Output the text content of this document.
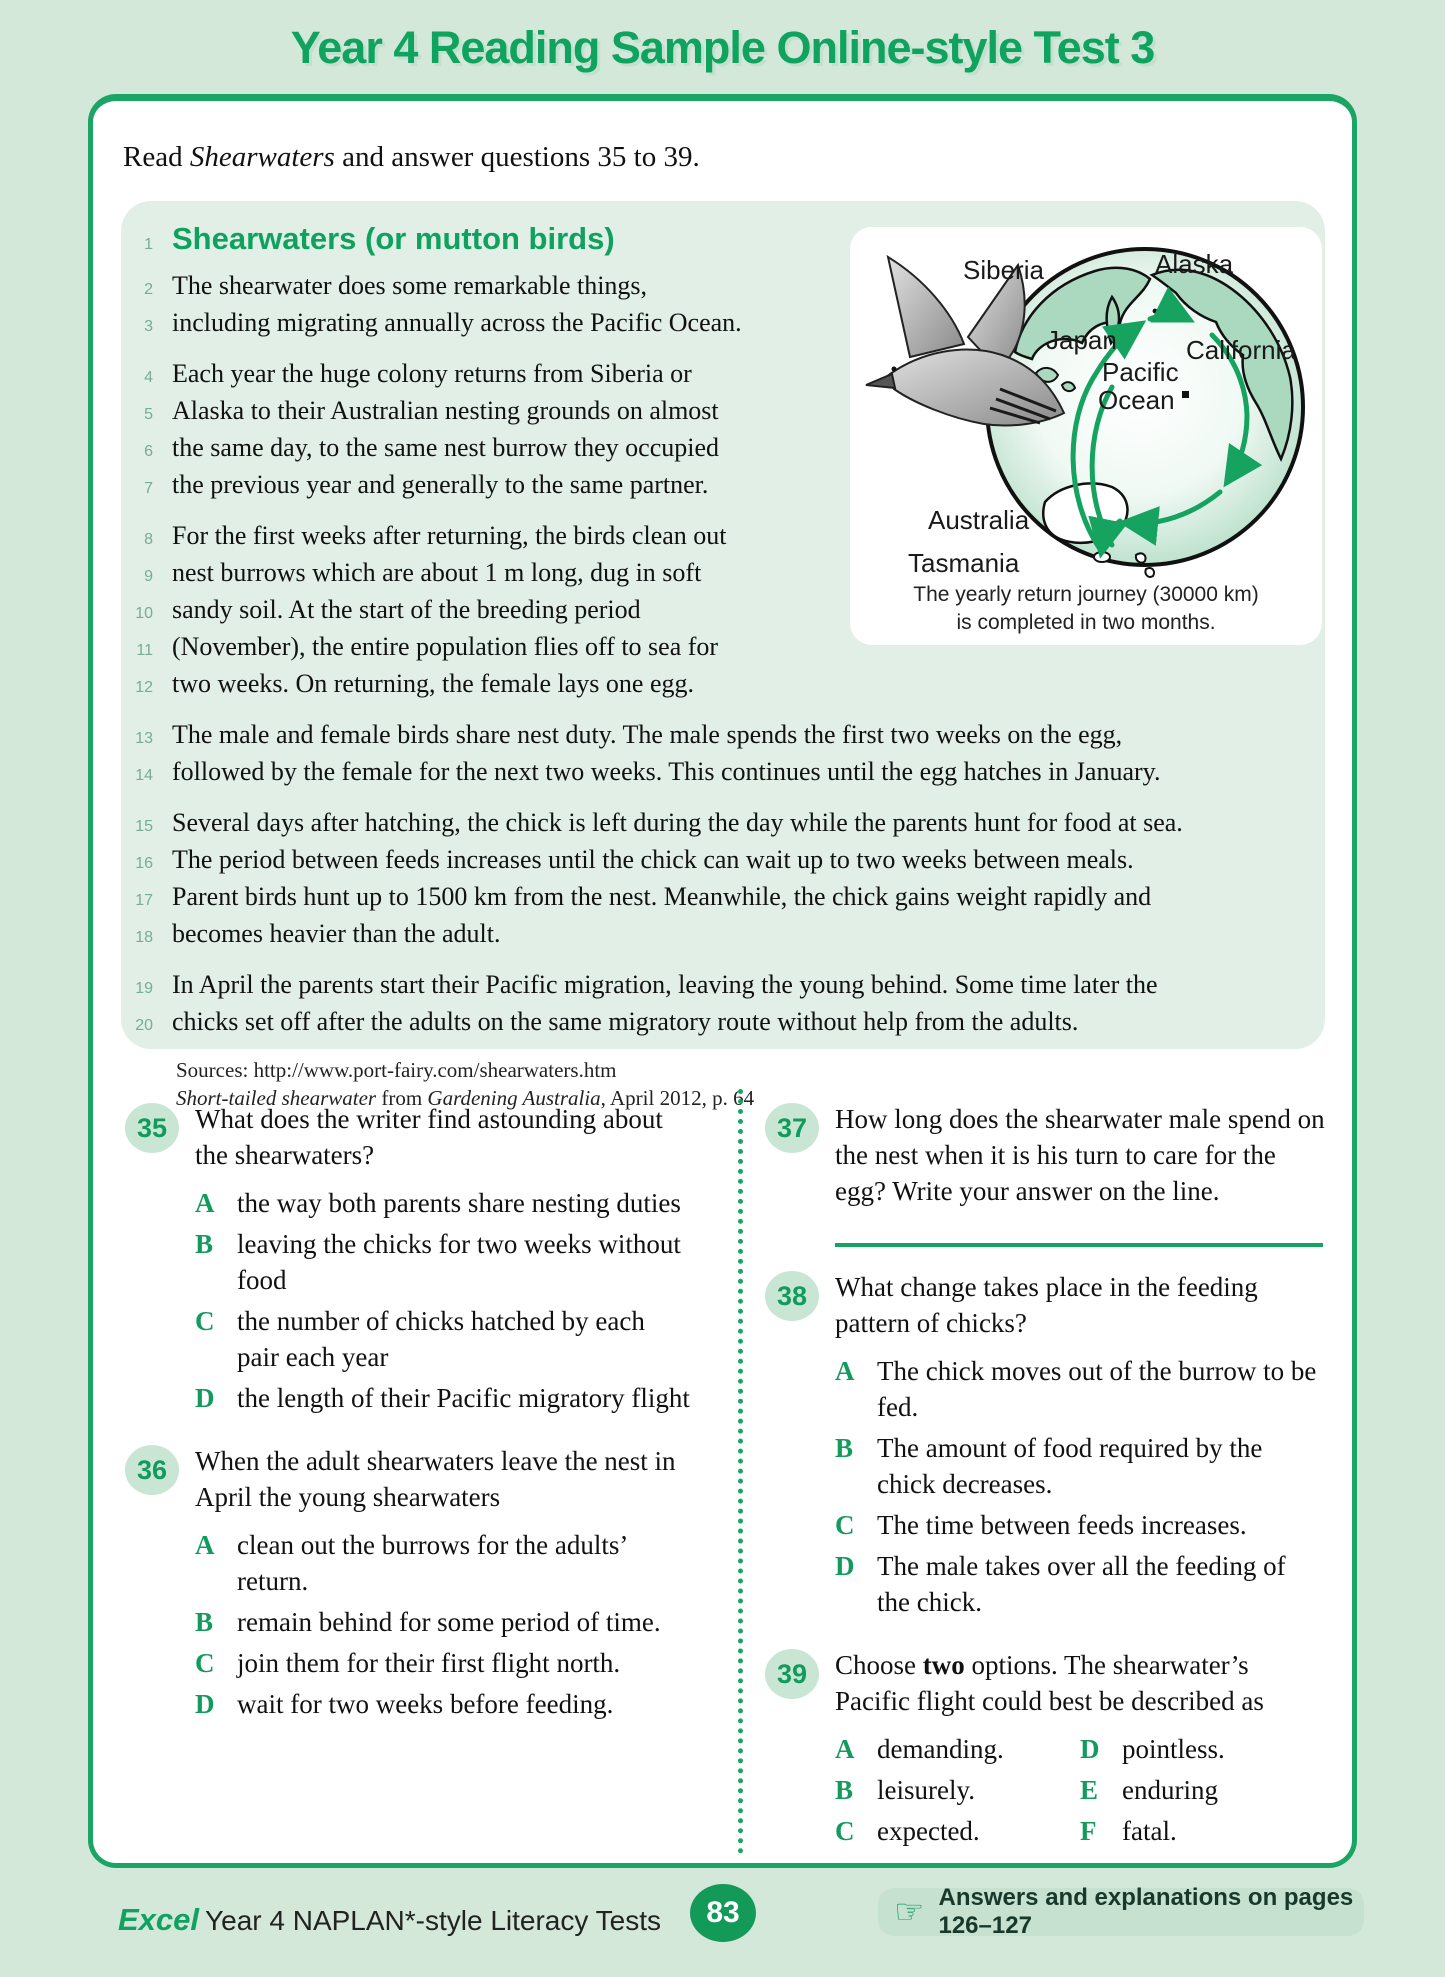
Year 4 Reading Sample Online-style Test 3
Read Shearwaters and answer questions 35 to 39.
1 Shearwaters (or mutton birds)
2 The shearwater does some remarkable things,
3 including migrating annually across the Pacific Ocean.
4 Each year the huge colony returns from Siberia or
5 Alaska to their Australian nesting grounds on almost
6 the same day, to the same nest burrow they occupied
7 the previous year and generally to the same partner.
8 For the first weeks after returning, the birds clean out
9 nest burrows which are about 1 m long, dug in soft
10 sandy soil. At the start of the breeding period
11 (November), the entire population flies off to sea for
12 two weeks. On returning, the female lays one egg.
13 The male and female birds share nest duty. The male spends the first two weeks on the egg,
14 followed by the female for the next two weeks. This continues until the egg hatches in January.
15 Several days after hatching, the chick is left during the day while the parents hunt for food at sea.
16 The period between feeds increases until the chick can wait up to two weeks between meals.
17 Parent birds hunt up to 1500 km from the nest. Meanwhile, the chick gains weight rapidly and
18 becomes heavier than the adult.
19 In April the parents start their Pacific migration, leaving the young behind. Some time later the
20 chicks set off after the adults on the same migratory route without help from the adults.
Sources: http://www.port-fairy.com/shearwaters.htm
Short-tailed shearwater from Gardening Australia, April 2012, p. 64
Siberia	Alaska
Japan	California
Pacific
Ocean
Australia
Tasmania
The yearly return journey (30000 km)
is completed in two months.
35	What does the writer find astounding about the shearwaters?
A the way both parents share nesting duties
B leaving the chicks for two weeks without food
C the number of chicks hatched by each pair each year
D the length of their Pacific migratory flight
36	When the adult shearwaters leave the nest in April the young shearwaters
A clean out the burrows for the adults’ return.
B remain behind for some period of time.
C join them for their first flight north.
D wait for two weeks before feeding.
37	How long does the shearwater male spend on the nest when it is his turn to care for the egg? Write your answer on the line.
38	What change takes place in the feeding pattern of chicks?
A The chick moves out of the burrow to be fed.
B The amount of food required by the chick decreases.
C The time between feeds increases.
D The male takes over all the feeding of the chick.
39	Choose two options. The shearwater’s Pacific flight could best be described as
A demanding.	D pointless.
B leisurely.	E enduring
C expected.	F fatal.
Excel Year 4 NAPLAN*-style Literacy Tests	83	☞ Answers and explanations on pages 126–127
